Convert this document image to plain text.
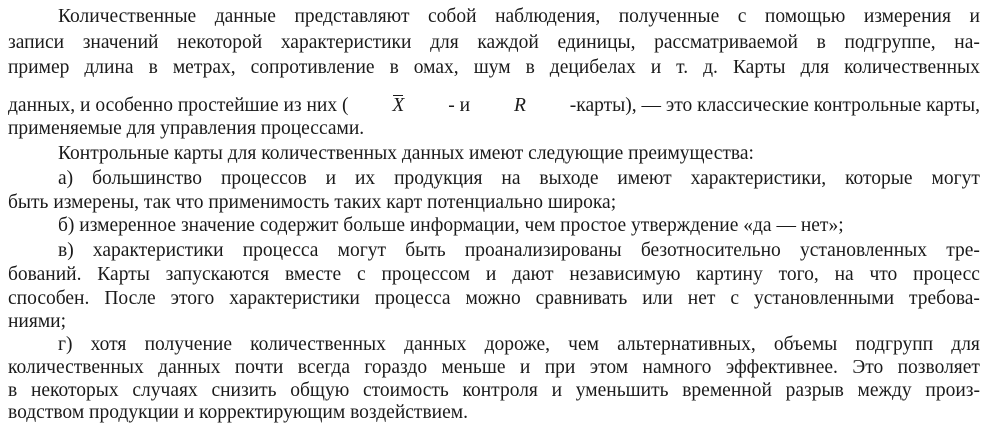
Количественные данные представляют собой наблюдения, полученные с помощью измерения и
записи значений некоторой характеристики для каждой единицы, рассматриваемой в подгруппе, на-
пример длина в метрах, сопротивление в омах, шум в децибелах и т. д. Карты для количественных
данных, и особенно простейшие из них ( X - и R -карты), — это классические контрольные карты,
применяемые для управления процессами.
Контрольные карты для количественных данных имеют следующие преимущества:
а) большинство процессов и их продукция на выходе имеют характеристики, которые могут
быть измерены, так что применимость таких карт потенциально широка;
б) измеренное значение содержит больше информации, чем простое утверждение «да — нет»;
в) характеристики процесса могут быть проанализированы безотносительно установленных тре-
бований. Карты запускаются вместе с процессом и дают независимую картину того, на что процесс
способен. После этого характеристики процесса можно сравнивать или нет с установленными требова-
ниями;
г) хотя получение количественных данных дороже, чем альтернативных, объемы подгрупп для
количественных данных почти всегда гораздо меньше и при этом намного эффективнее. Это позволяет
в некоторых случаях снизить общую стоимость контроля и уменьшить временной разрыв между произ-
водством продукции и корректирующим воздействием.
